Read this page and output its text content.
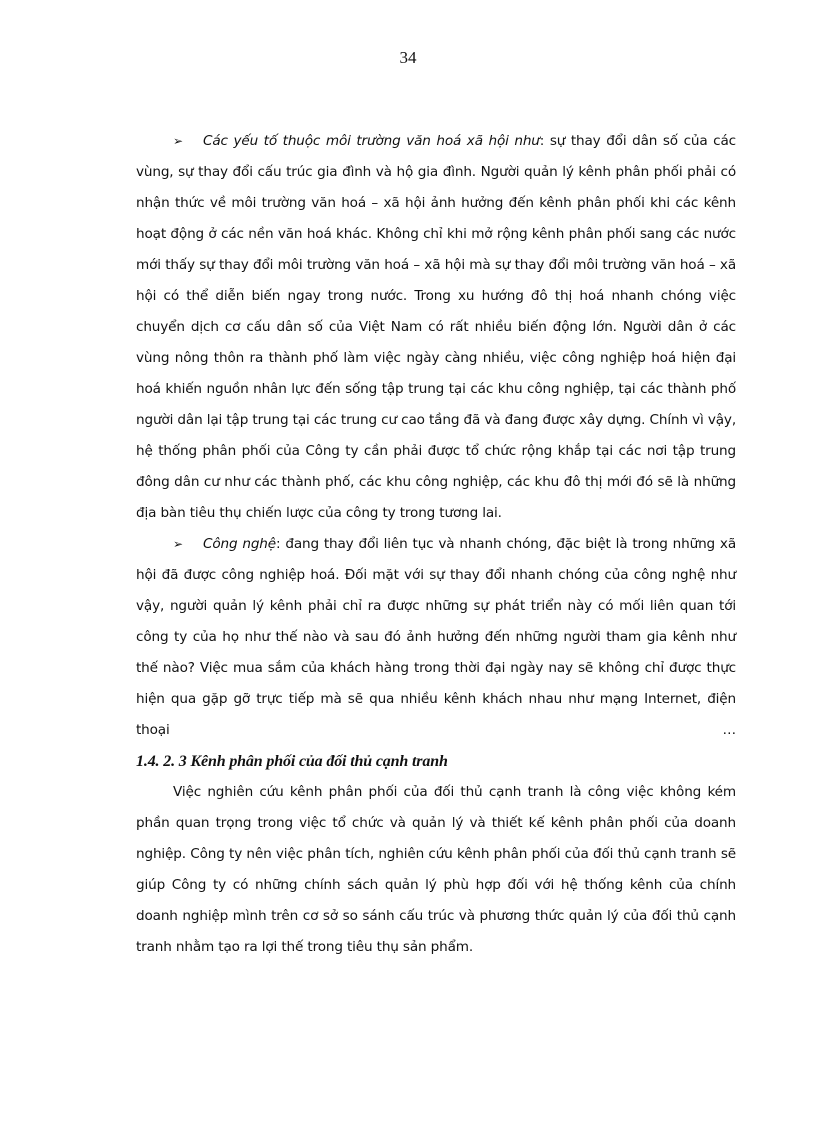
34

➢ Các yếu tố thuộc môi trường văn hoá xã hội như: sự thay đổi dân số của các vùng, sự thay đổi cấu trúc gia đình và hộ gia đình. Người quản lý kênh phân phối phải có nhận thức về môi trường văn hoá – xã hội ảnh hưởng đến kênh phân phối khi các kênh hoạt động ở các nền văn hoá khác. Không chỉ khi mở rộng kênh phân phối sang các nước mới thấy sự thay đổi môi trường văn hoá – xã hội mà sự thay đổi môi trường văn hoá – xã hội có thể diễn biến ngay trong nước. Trong xu hướng đô thị hoá nhanh chóng việc chuyển dịch cơ cấu dân số của Việt Nam có rất nhiều biến động lớn. Người dân ở các vùng nông thôn ra thành phố làm việc ngày càng nhiều, việc công nghiệp hoá hiện đại hoá khiến nguồn nhân lực đến sống tập trung tại các khu công nghiệp, tại các thành phố người dân lại tập trung tại các trung cư cao tầng đã và đang được xây dựng. Chính vì vậy, hệ thống phân phối của Công ty cần phải được tổ chức rộng khắp tại các nơi tập trung đông dân cư như các thành phố, các khu công nghiệp, các khu đô thị mới đó sẽ là những địa bàn tiêu thụ chiến lược của công ty trong tương lai.

➢ Công nghệ: đang thay đổi liên tục và nhanh chóng, đặc biệt là trong những xã hội đã được công nghiệp hoá. Đối mặt với sự thay đổi nhanh chóng của công nghệ như vậy, người quản lý kênh phải chỉ ra được những sự phát triển này có mối liên quan tới công ty của họ như thế nào và sau đó ảnh hưởng đến những người tham gia kênh như thế nào? Việc mua sắm của khách hàng trong thời đại ngày nay sẽ không chỉ được thực hiện qua gặp gỡ trực tiếp mà sẽ qua nhiều kênh khách nhau như mạng Internet, điện thoại …

1.4. 2. 3 Kênh phân phối của đối thủ cạnh tranh

Việc nghiên cứu kênh phân phối của đối thủ cạnh tranh là công việc không kém phần quan trọng trong việc tổ chức và quản lý và thiết kế kênh phân phối của doanh nghiệp. Công ty nên việc phân tích, nghiên cứu kênh phân phối của đối thủ cạnh tranh sẽ giúp Công ty có những chính sách quản lý phù hợp đối với hệ thống kênh của chính doanh nghiệp mình trên cơ sở so sánh cấu trúc và phương thức quản lý của đối thủ cạnh tranh nhằm tạo ra lợi thế trong tiêu thụ sản phẩm.
